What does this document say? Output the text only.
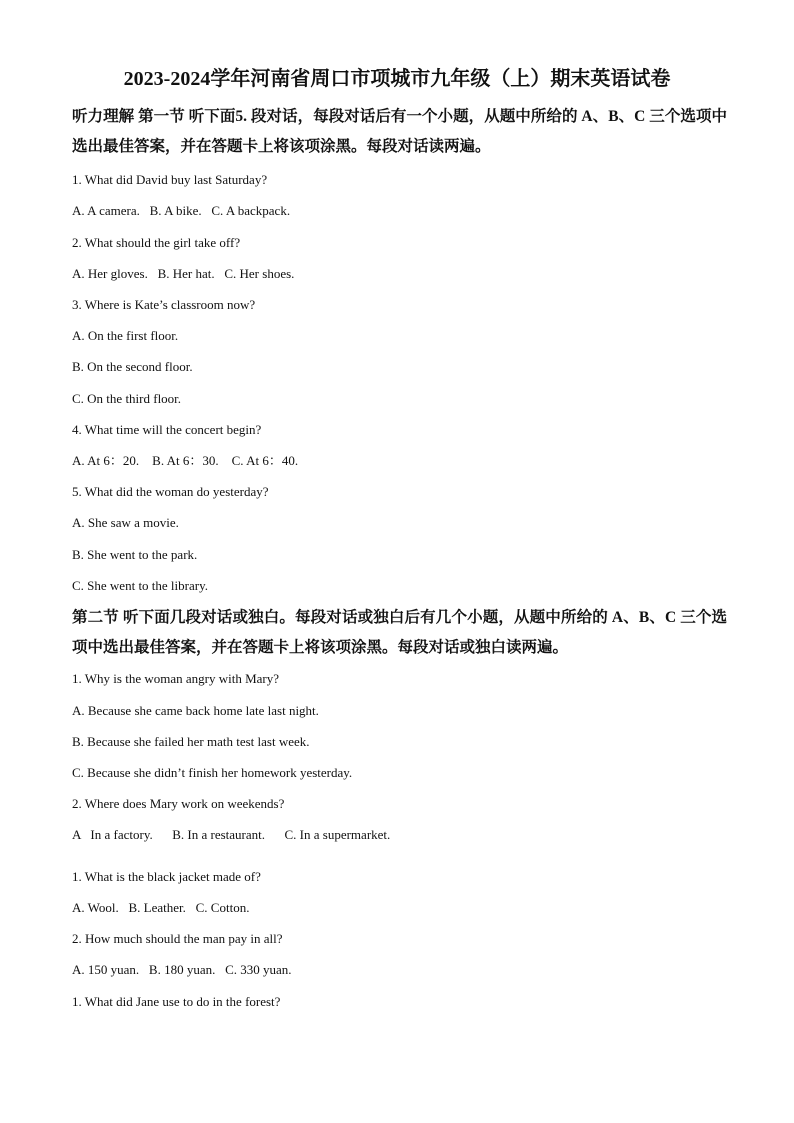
2023-2024学年河南省周口市项城市九年级（上）期末英语试卷
听力理解 第一节 听下面5. 段对话，每段对话后有一个小题，从题中所给的 A、B、C 三个选项中选出最佳答案，并在答题卡上将该项涂黑。每段对话读两遍。
1. What did David buy last Saturday?
A. A camera.   B. A bike.   C. A backpack.
2. What should the girl take off?
A. Her gloves.   B. Her hat.   C. Her shoes.
3. Where is Kate’s classroom now?
A. On the first floor.
B. On the second floor.
C. On the third floor.
4. What time will the concert begin?
A. At 6：20.    B. At 6：30.    C. At 6：40.
5. What did the woman do yesterday?
A. She saw a movie.
B. She went to the park.
C. She went to the library.
第二节 听下面几段对话或独白。每段对话或独白后有几个小题，从题中所给的 A、B、C 三个选项中选出最佳答案，并在答题卡上将该项涂黑。每段对话或独白读两遍。
1. Why is the woman angry with Mary?
A. Because she came back home late last night.
B. Because she failed her math test last week.
C. Because she didn’t finish her homework yesterday.
2. Where does Mary work on weekends?
A   In a factory.      B. In a restaurant.      C. In a supermarket.
1. What is the black jacket made of?
A. Wool.   B. Leather.   C. Cotton.
2. How much should the man pay in all?
A. 150 yuan.   B. 180 yuan.   C. 330 yuan.
1. What did Jane use to do in the forest?
